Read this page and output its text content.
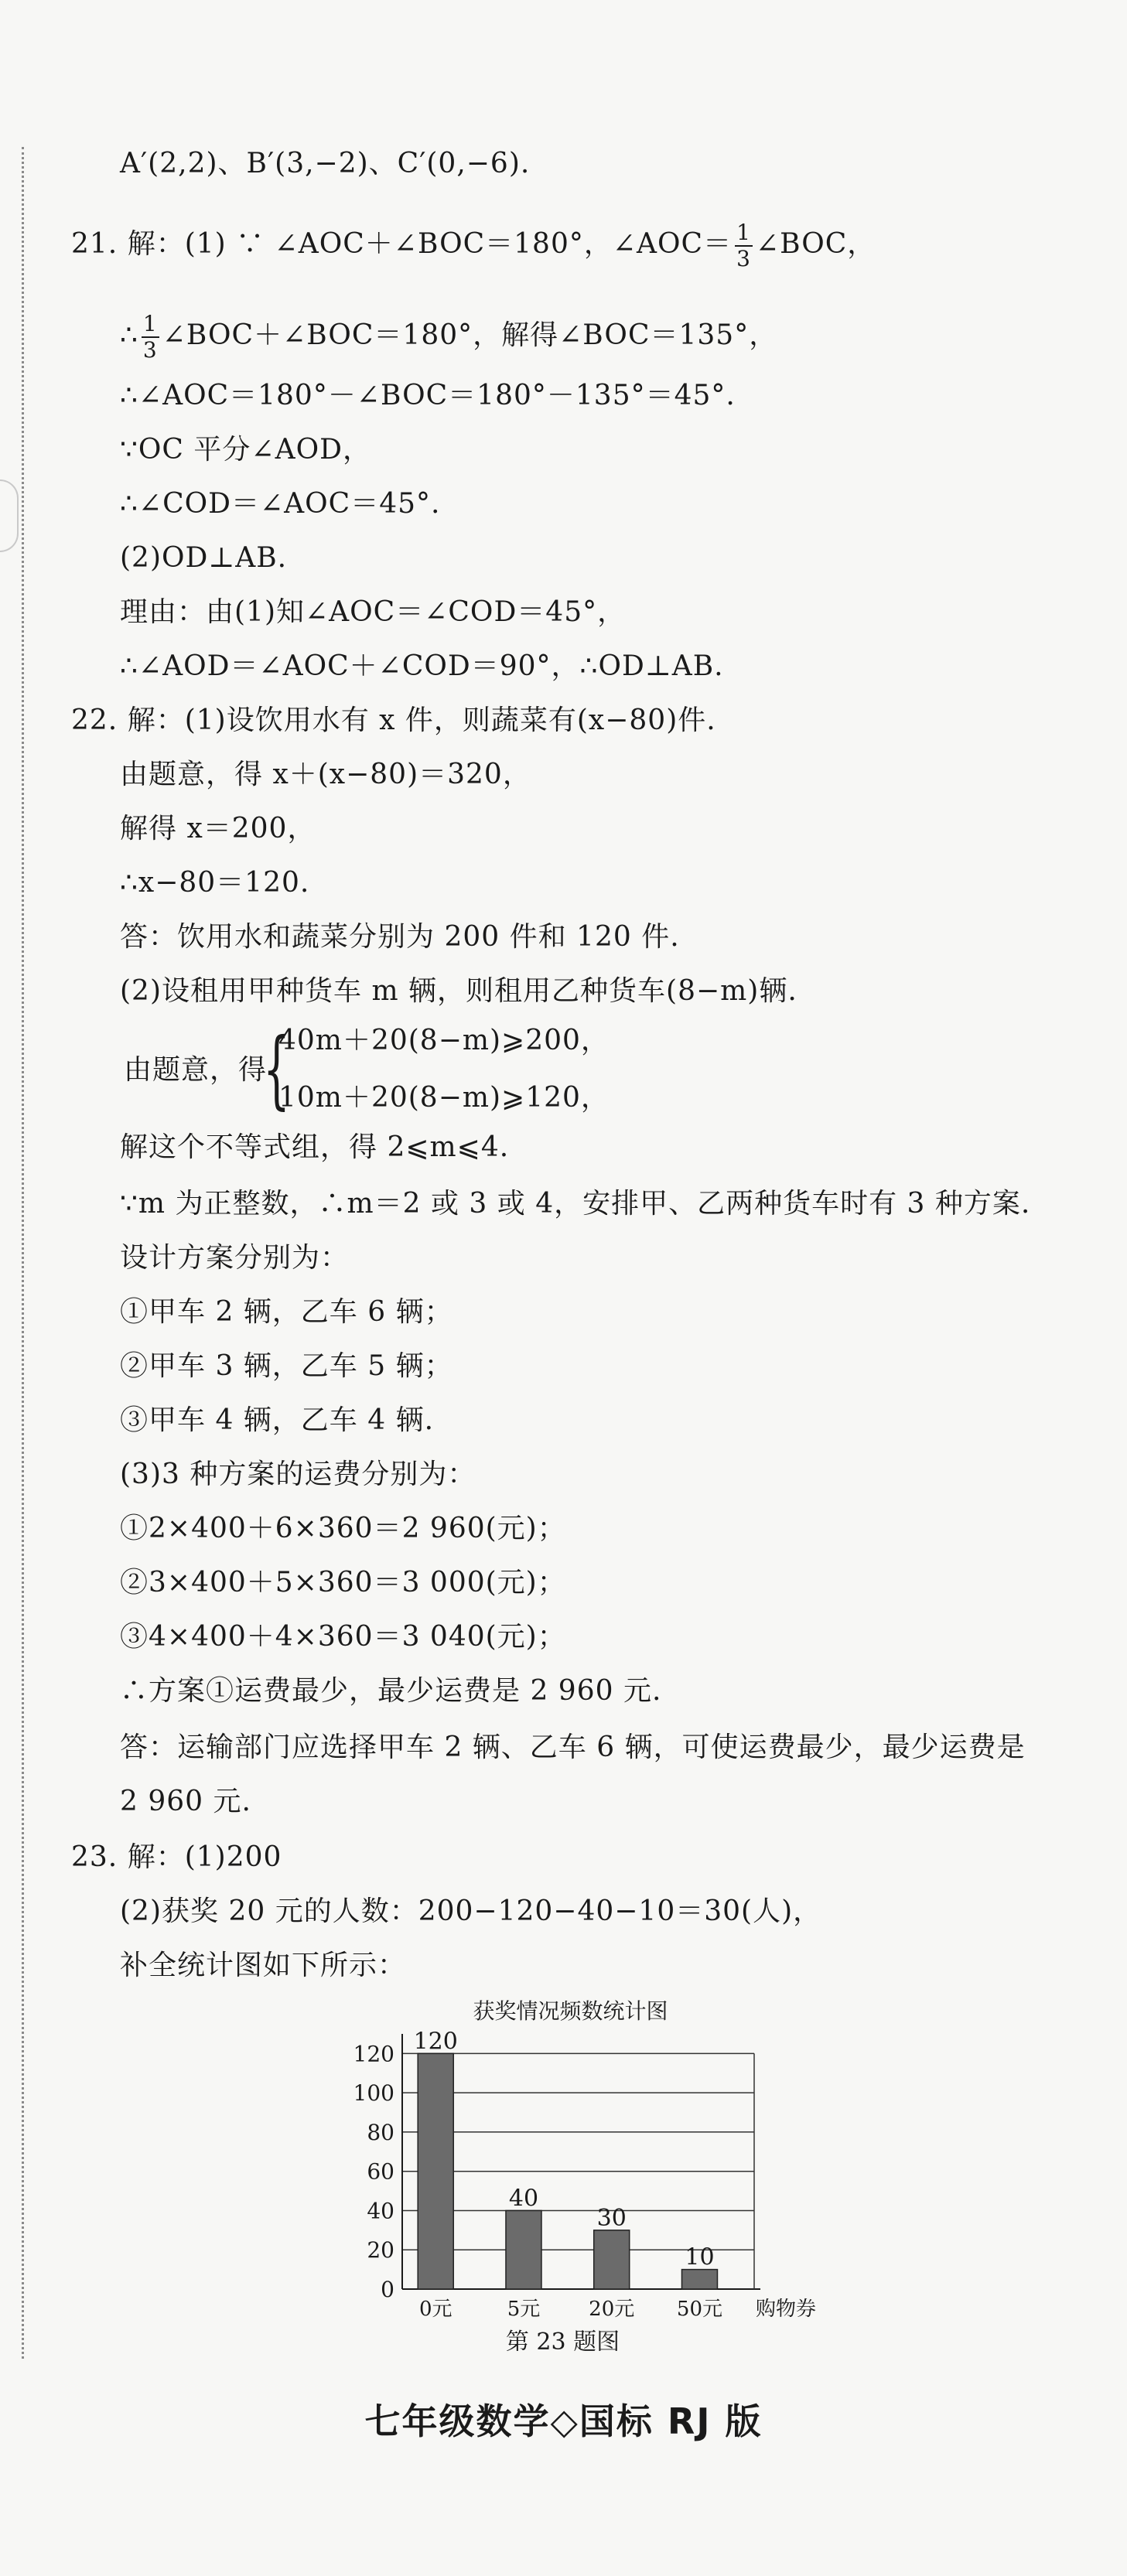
A′(2,2)、B′(3,−2)、C′(0,−6).
21. 解：(1) ∵ ∠AOC＋∠BOC＝180°，∠AOC＝ $\frac{1}{3}$ ∠BOC，
∴ $\frac{1}{3}$ ∠BOC＋∠BOC＝180°，解得∠BOC＝135°，
∴∠AOC＝180°－∠BOC＝180°－135°＝45°.
∵OC 平分∠AOD，
∴∠COD＝∠AOC＝45°.
(2)OD⊥AB.
理由：由(1)知∠AOC＝∠COD＝45°，
∴∠AOD＝∠AOC＋∠COD＝90°，∴OD⊥AB.
22. 解：(1)设饮用水有 x 件，则蔬菜有(x−80)件.
由题意，得 x＋(x−80)＝320，
解得 x＝200，
∴x−80＝120.
答：饮用水和蔬菜分别为 200 件和 120 件.
(2)设租用甲种货车 m 辆，则租用乙种货车(8−m)辆.
由题意，得
{
40m＋20(8−m)⩾200，
10m＋20(8−m)⩾120，
解这个不等式组，得 2⩽m⩽4.
∵m 为正整数，∴m＝2 或 3 或 4，安排甲、乙两种货车时有 3 种方案.
设计方案分别为：
①甲车 2 辆，乙车 6 辆；
②甲车 3 辆，乙车 5 辆；
③甲车 4 辆，乙车 4 辆.
(3)3 种方案的运费分别为：
①2×400＋6×360＝2 960(元)；
②3×400＋5×360＝3 000(元)；
③4×400＋4×360＝3 040(元)；
∴方案①运费最少，最少运费是 2 960 元.
答：运输部门应选择甲车 2 辆、乙车 6 辆，可使运费最少，最少运费是
2 960 元.
23. 解：(1)200
(2)获奖 20 元的人数：200−120−40−10＝30(人)，
补全统计图如下所示：
获奖情况频数统计图
0
20
40
60
80
100
120 120
0元
40
5元
30
20元
10
50元 购物券
第 23 题图
七年级数学◇国标 RJ 版
